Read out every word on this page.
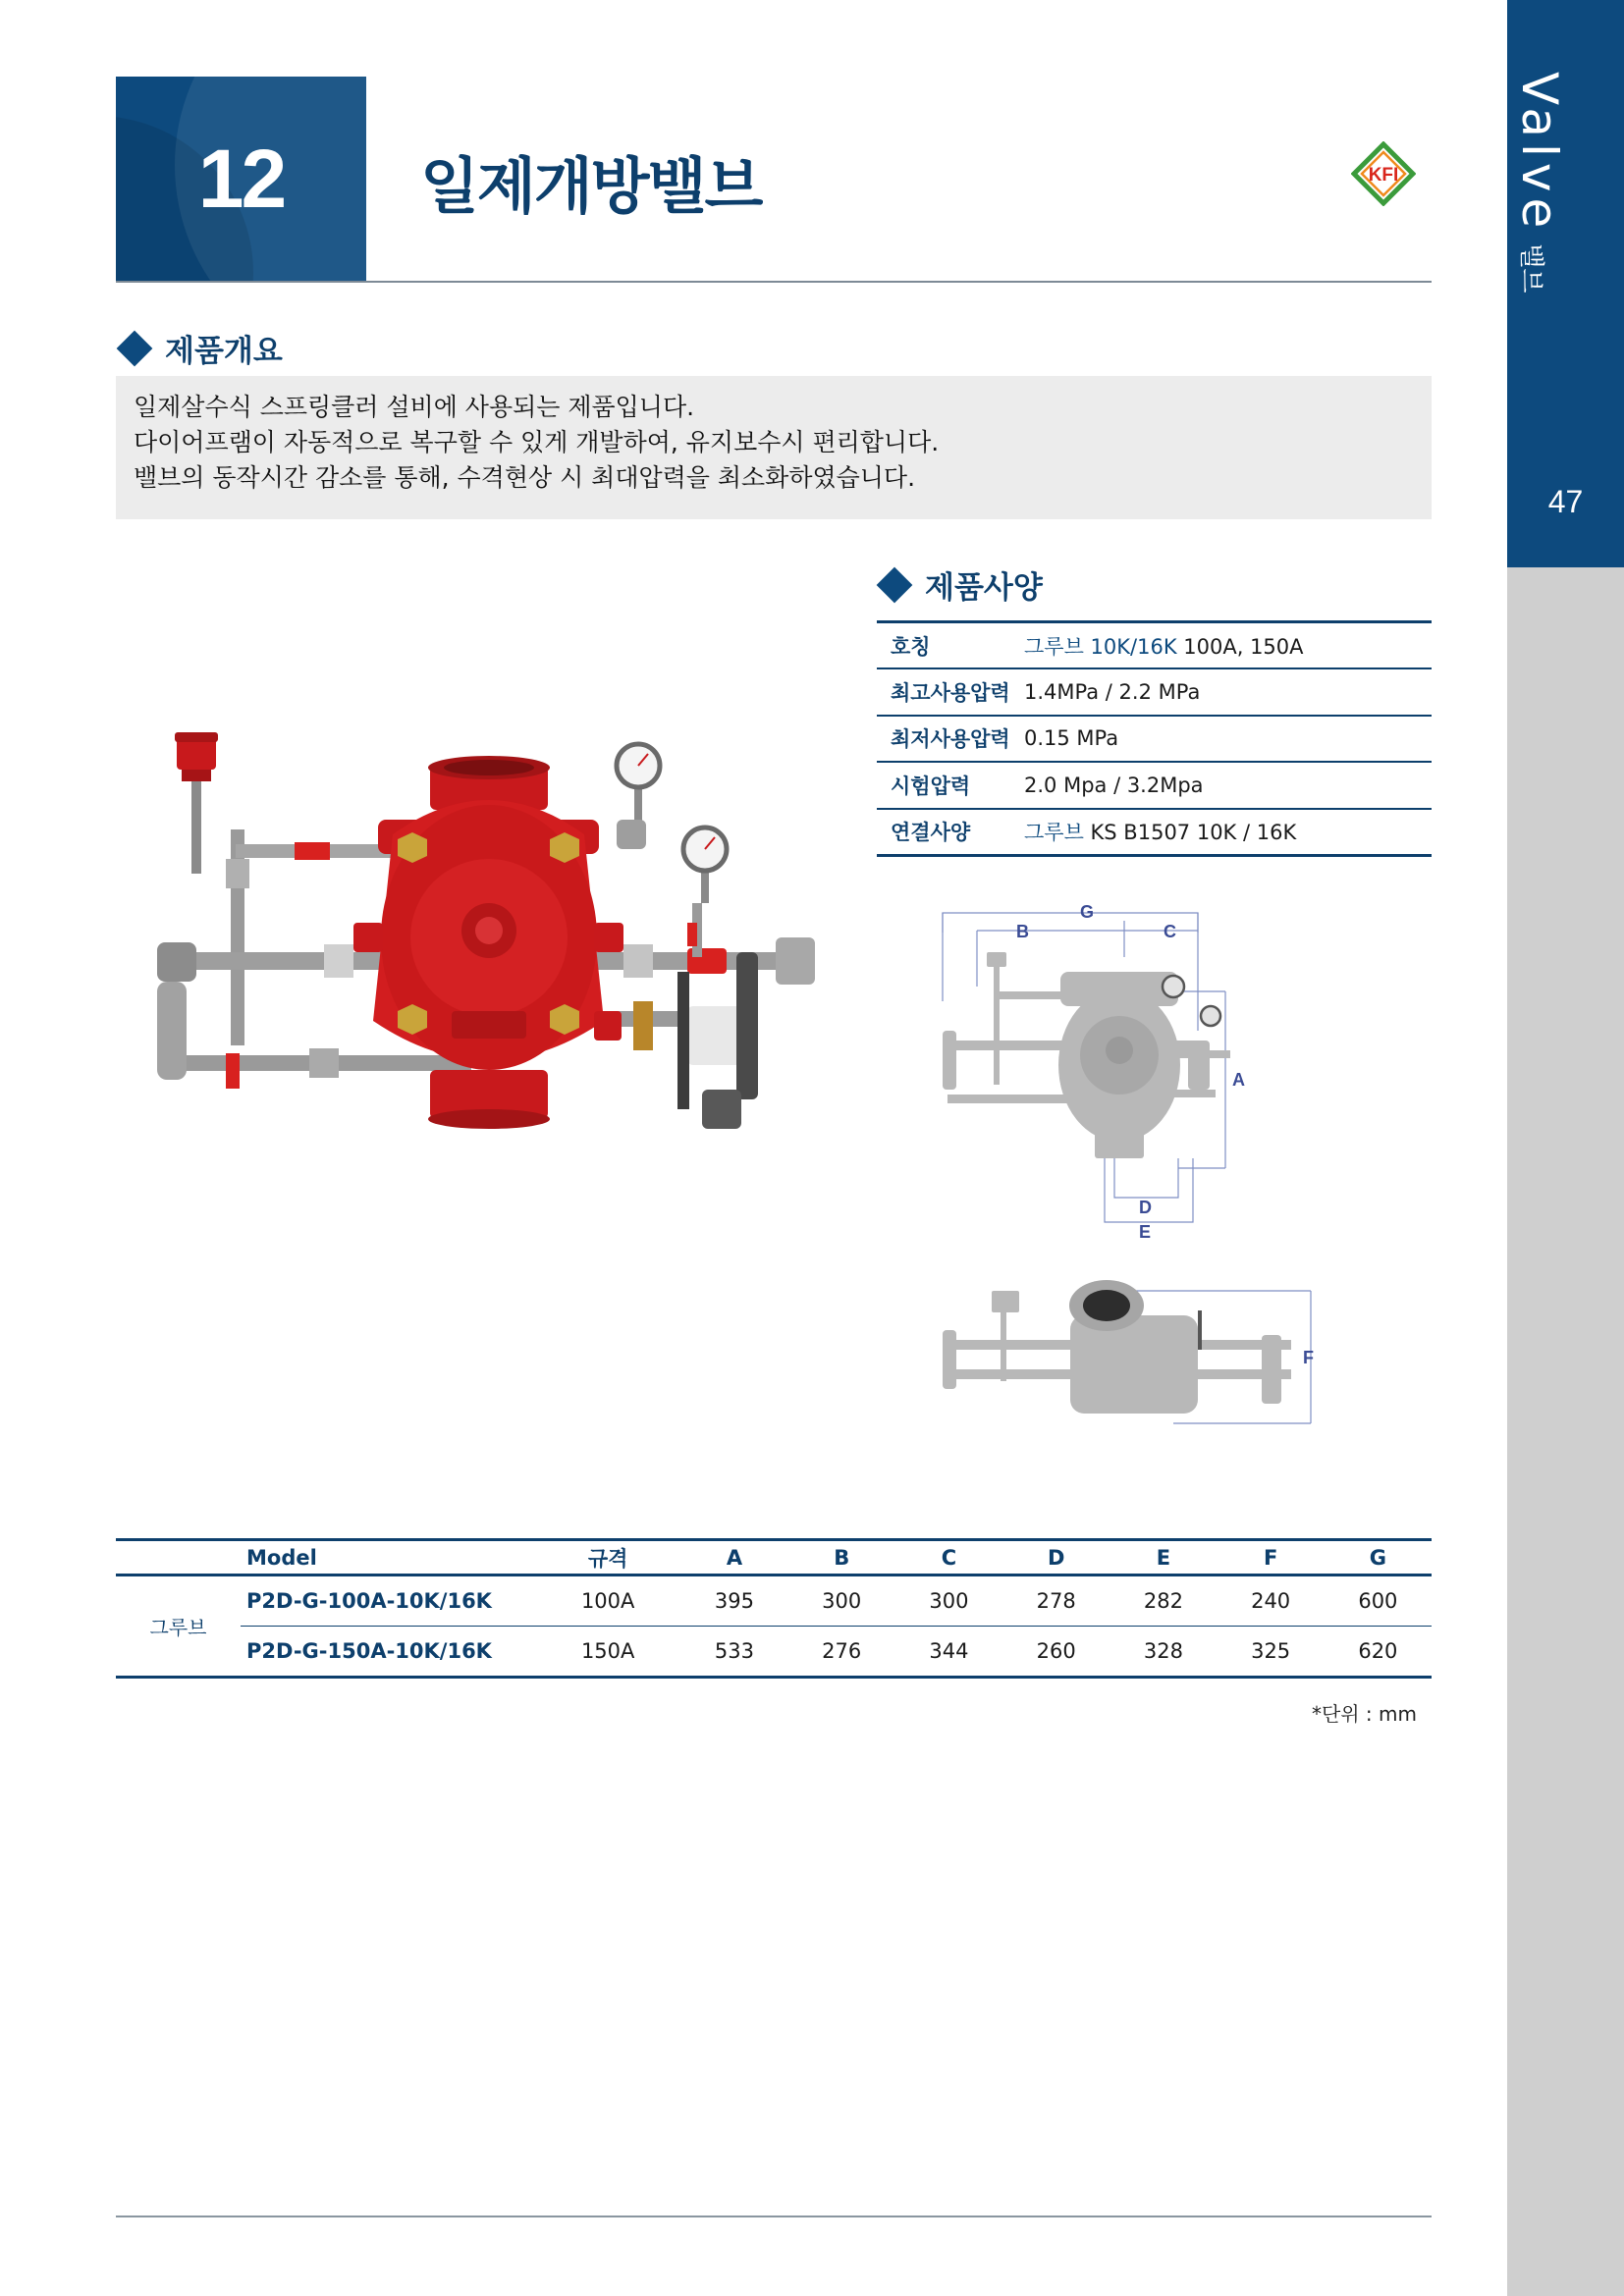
Valve
밸브
47
12	일제개방밸브	KFI
제품개요
일제살수식 스프링클러 설비에 사용되는 제품입니다.
다이어프램이 자동적으로 복구할 수 있게 개발하여, 유지보수시 편리합니다.
밸브의 동작시간 감소를 통해, 수격현상 시 최대압력을 최소화하였습니다.
제품사양
호칭	그루브 10K/16K 100A, 150A
최고사용압력	1.4MPa / 2.2 MPa
최저사용압력	0.15 MPa
시험압력	2.0 Mpa / 3.2Mpa
연결사양	그루브 KS B1507 10K / 16K
G
B	C
A
D
E
F
	Model	규격	A	B	C	D	E	F	G
그루브	P2D-G-100A-10K/16K	100A	395	300	300	278	282	240	600
	P2D-G-150A-10K/16K	150A	533	276	344	260	328	325	620
*단위 : mm
